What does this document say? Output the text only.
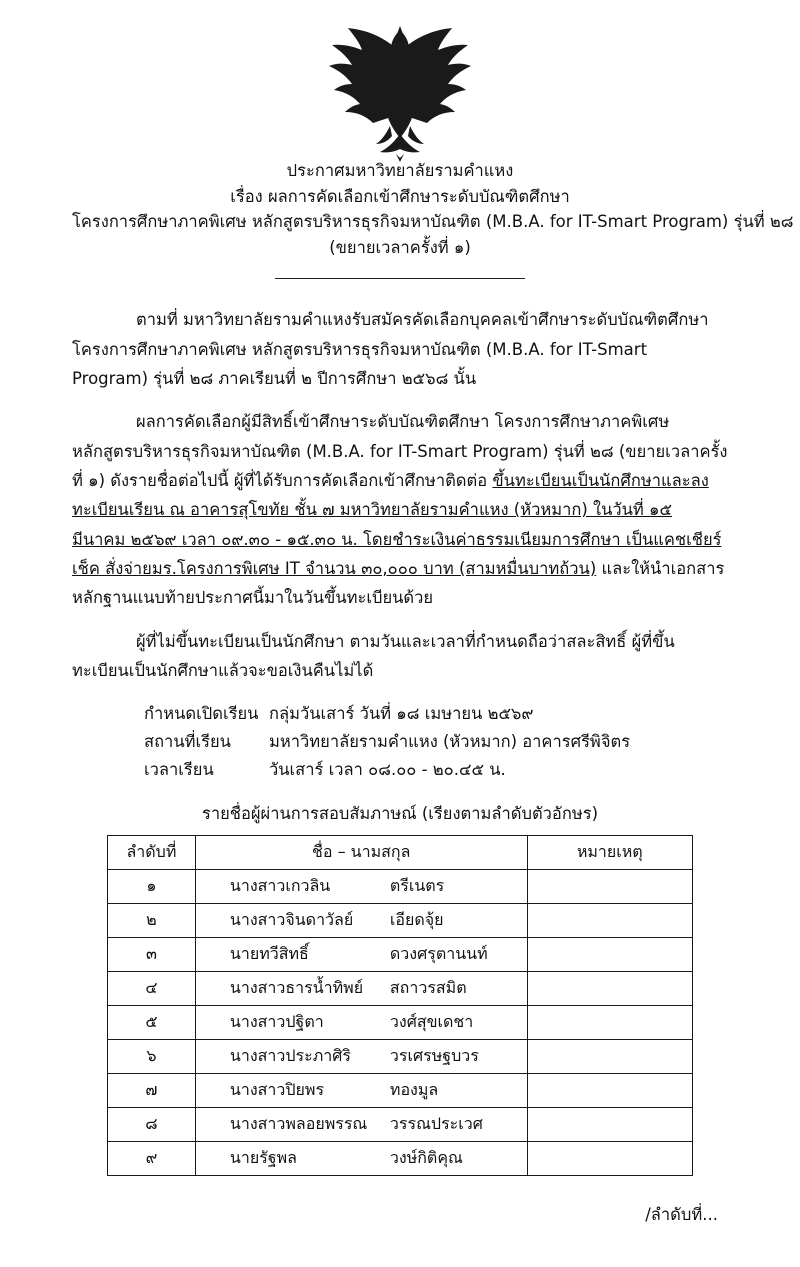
ประกาศมหาวิทยาลัยรามคำแหง
เรื่อง ผลการคัดเลือกเข้าศึกษาระดับบัณฑิตศึกษา
โครงการศึกษาภาคพิเศษ หลักสูตรบริหารธุรกิจมหาบัณฑิต (M.B.A. for IT-Smart Program) รุ่นที่ ๒๘
(ขยายเวลาครั้งที่ ๑)
ตามที่ มหาวิทยาลัยรามคำแหงรับสมัครคัดเลือกบุคคลเข้าศึกษาระดับบัณฑิตศึกษา โครงการศึกษาภาคพิเศษ หลักสูตรบริหารธุรกิจมหาบัณฑิต (M.B.A. for IT-Smart Program) รุ่นที่ ๒๘ ภาคเรียนที่ ๒ ปีการศึกษา ๒๕๖๘ นั้น
ผลการคัดเลือกผู้มีสิทธิ์เข้าศึกษาระดับบัณฑิตศึกษา โครงการศึกษาภาคพิเศษ หลักสูตรบริหารธุรกิจมหาบัณฑิต (M.B.A. for IT-Smart Program) รุ่นที่ ๒๘ (ขยายเวลาครั้งที่ ๑) ดังรายชื่อต่อไปนี้ ผู้ที่ได้รับการคัดเลือกเข้าศึกษาติดต่อ ขึ้นทะเบียนเป็นนักศึกษาและลงทะเบียนเรียน ณ อาคารสุโขทัย ชั้น ๗ มหาวิทยาลัยรามคำแหง (หัวหมาก) ในวันที่ ๑๕ มีนาคม ๒๕๖๙ เวลา ๐๙.๓๐ - ๑๕.๓๐ น. โดยชำระเงินค่าธรรมเนียมการศึกษา เป็นแคชเชียร์เช็ค สั่งจ่ายมร.โครงการพิเศษ IT จำนวน ๓๐,๐๐๐ บาท (สามหมื่นบาทถ้วน) และให้นำเอกสารหลักฐานแนบท้ายประกาศนี้มาในวันขึ้นทะเบียนด้วย
ผู้ที่ไม่ขึ้นทะเบียนเป็นนักศึกษา ตามวันและเวลาที่กำหนดถือว่าสละสิทธิ์ ผู้ที่ขึ้นทะเบียนเป็นนักศึกษาแล้วจะขอเงินคืนไม่ได้
กำหนดเปิดเรียน กลุ่มวันเสาร์ วันที่ ๑๘ เมษายน ๒๕๖๙
สถานที่เรียน	มหาวิทยาลัยรามคำแหง (หัวหมาก) อาคารศรีพิจิตร
เวลาเรียน	วันเสาร์ เวลา ๐๘.๐๐ - ๒๐.๔๕ น.
รายชื่อผู้ผ่านการสอบสัมภาษณ์ (เรียงตามลำดับตัวอักษร)
ลำดับที่	ชื่อ – นามสกุล	หมายเหตุ
๑	นางสาวเกวลิน ตรีเนตร	
๒	นางสาวจินดาวัลย์ เอียดจุ้ย	
๓	นายทวีสิทธิ์ ดวงศรุตานนท์	
๔	นางสาวธารน้ำทิพย์ สถาวรสมิต	
๕	นางสาวปฐิตา วงศ์สุขเดชา	
๖	นางสาวประภาศิริ วรเศรษฐบวร	
๗	นางสาวปิยพร ทองมูล	
๘	นางสาวพลอยพรรณ วรรณประเวศ	
๙	นายรัฐพล วงษ์กิติคุณ	
/ลำดับที่...
